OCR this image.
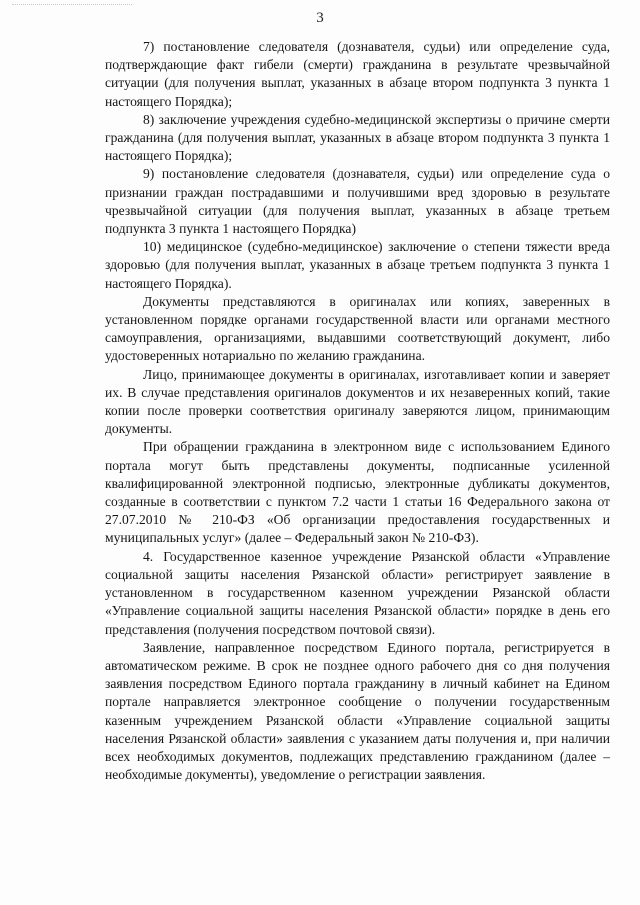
3

7) постановление следователя (дознавателя, судьи) или определение суда, подтверждающие факт гибели (смерти) гражданина в результате чрезвычайной ситуации (для получения выплат, указанных в абзаце втором подпункта 3 пункта 1 настоящего Порядка);

8) заключение учреждения судебно-медицинской экспертизы о причине смерти гражданина (для получения выплат, указанных в абзаце втором подпункта 3 пункта 1 настоящего Порядка);

9) постановление следователя (дознавателя, судьи) или определение суда о признании граждан пострадавшими и получившими вред здоровью в результате чрезвычайной ситуации (для получения выплат, указанных в абзаце третьем подпункта 3 пункта 1 настоящего Порядка)

10) медицинское (судебно-медицинское) заключение о степени тяжести вреда здоровью (для получения выплат, указанных в абзаце третьем подпункта 3 пункта 1 настоящего Порядка).

Документы представляются в оригиналах или копиях, заверенных в установленном порядке органами государственной власти или органами местного самоуправления, организациями, выдавшими соответствующий документ, либо удостоверенных нотариально по желанию гражданина.

Лицо, принимающее документы в оригиналах, изготавливает копии и заверяет их. В случае представления оригиналов документов и их незаверенных копий, такие копии после проверки соответствия оригиналу заверяются лицом, принимающим документы.

При обращении гражданина в электронном виде с использованием Единого портала могут быть представлены документы, подписанные усиленной квалифицированной электронной подписью, электронные дубликаты документов, созданные в соответствии с пунктом 7.2 части 1 статьи 16 Федерального закона от 27.07.2010 № 210-ФЗ «Об организации предоставления государственных и муниципальных услуг» (далее – Федеральный закон № 210-ФЗ).

4. Государственное казенное учреждение Рязанской области «Управление социальной защиты населения Рязанской области» регистрирует заявление в установленном в государственном казенном учреждении Рязанской области «Управление социальной защиты населения Рязанской области» порядке в день его представления (получения посредством почтовой связи).

Заявление, направленное посредством Единого портала, регистрируется в автоматическом режиме. В срок не позднее одного рабочего дня со дня получения заявления посредством Единого портала гражданину в личный кабинет на Едином портале направляется электронное сообщение о получении государственным казенным учреждением Рязанской области «Управление социальной защиты населения Рязанской области» заявления с указанием даты получения и, при наличии всех необходимых документов, подлежащих представлению гражданином (далее – необходимые документы), уведомление о регистрации заявления.
